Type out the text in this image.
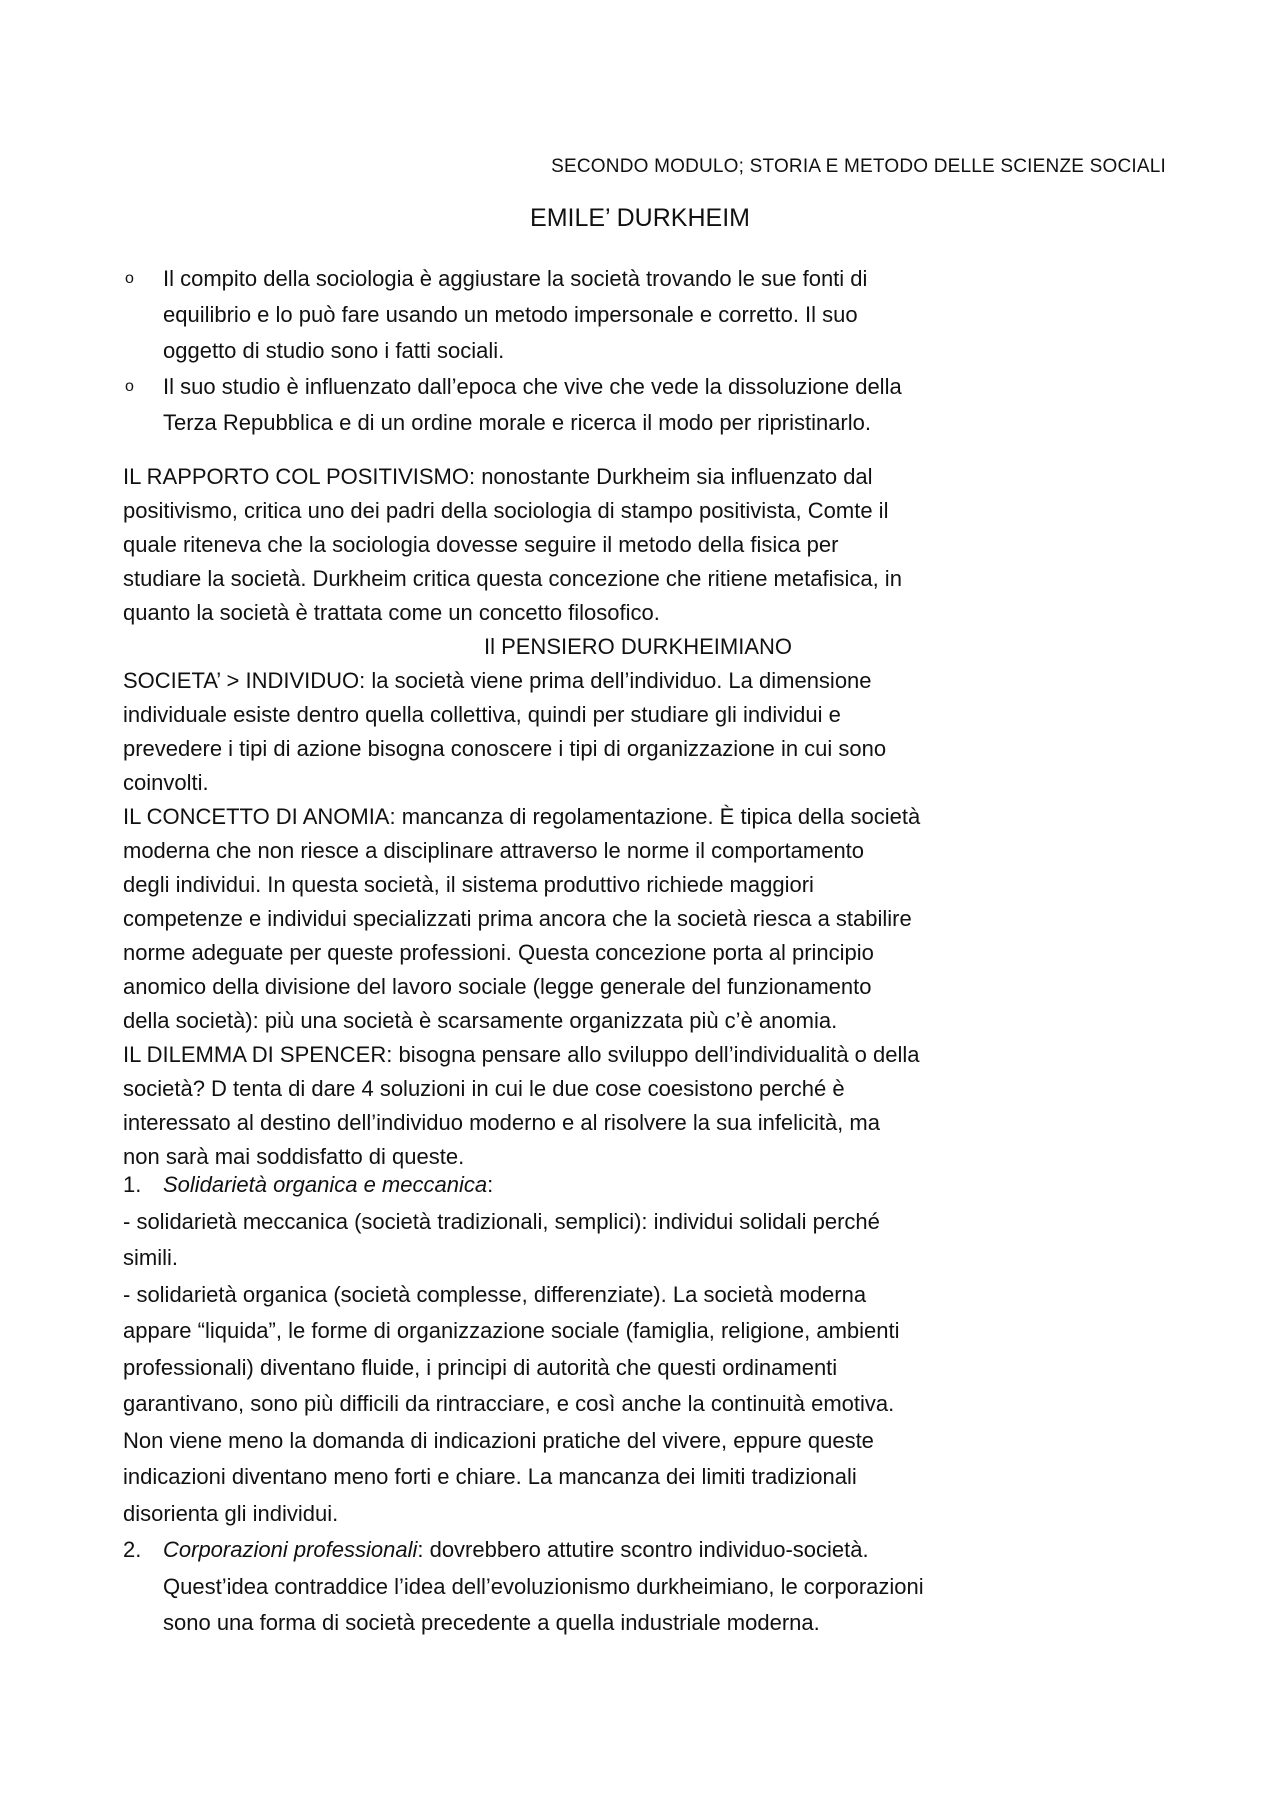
SECONDO MODULO; STORIA E METODO DELLE SCIENZE SOCIALI
EMILE’ DURKHEIM
o Il compito della sociologia è aggiustare la società trovando le sue fonti di
equilibrio e lo può fare usando un metodo impersonale e corretto. Il suo
oggetto di studio sono i fatti sociali.
o Il suo studio è influenzato dall’epoca che vive che vede la dissoluzione della
Terza Repubblica e di un ordine morale e ricerca il modo per ripristinarlo.
IL RAPPORTO COL POSITIVISMO: nonostante Durkheim sia influenzato dal
positivismo, critica uno dei padri della sociologia di stampo positivista, Comte il
quale riteneva che la sociologia dovesse seguire il metodo della fisica per
studiare la società. Durkheim critica questa concezione che ritiene metafisica, in
quanto la società è trattata come un concetto filosofico.
Il PENSIERO DURKHEIMIANO
SOCIETA’ > INDIVIDUO: la società viene prima dell’individuo. La dimensione
individuale esiste dentro quella collettiva, quindi per studiare gli individui e
prevedere i tipi di azione bisogna conoscere i tipi di organizzazione in cui sono
coinvolti.
IL CONCETTO DI ANOMIA: mancanza di regolamentazione. È tipica della società
moderna che non riesce a disciplinare attraverso le norme il comportamento
degli individui. In questa società, il sistema produttivo richiede maggiori
competenze e individui specializzati prima ancora che la società riesca a stabilire
norme adeguate per queste professioni. Questa concezione porta al principio
anomico della divisione del lavoro sociale (legge generale del funzionamento
della società): più una società è scarsamente organizzata più c’è anomia.
IL DILEMMA DI SPENCER: bisogna pensare allo sviluppo dell’individualità o della
società? D tenta di dare 4 soluzioni in cui le due cose coesistono perché è
interessato al destino dell’individuo moderno e al risolvere la sua infelicità, ma
non sarà mai soddisfatto di queste.
1. Solidarietà organica e meccanica:
- solidarietà meccanica (società tradizionali, semplici): individui solidali perché
simili.
- solidarietà organica (società complesse, differenziate). La società moderna
appare “liquida”, le forme di organizzazione sociale (famiglia, religione, ambienti
professionali) diventano fluide, i principi di autorità che questi ordinamenti
garantivano, sono più difficili da rintracciare, e così anche la continuità emotiva.
Non viene meno la domanda di indicazioni pratiche del vivere, eppure queste
indicazioni diventano meno forti e chiare. La mancanza dei limiti tradizionali
disorienta gli individui.
2. Corporazioni professionali: dovrebbero attutire scontro individuo-società.
Quest’idea contraddice l’idea dell’evoluzionismo durkheimiano, le corporazioni
sono una forma di società precedente a quella industriale moderna.
